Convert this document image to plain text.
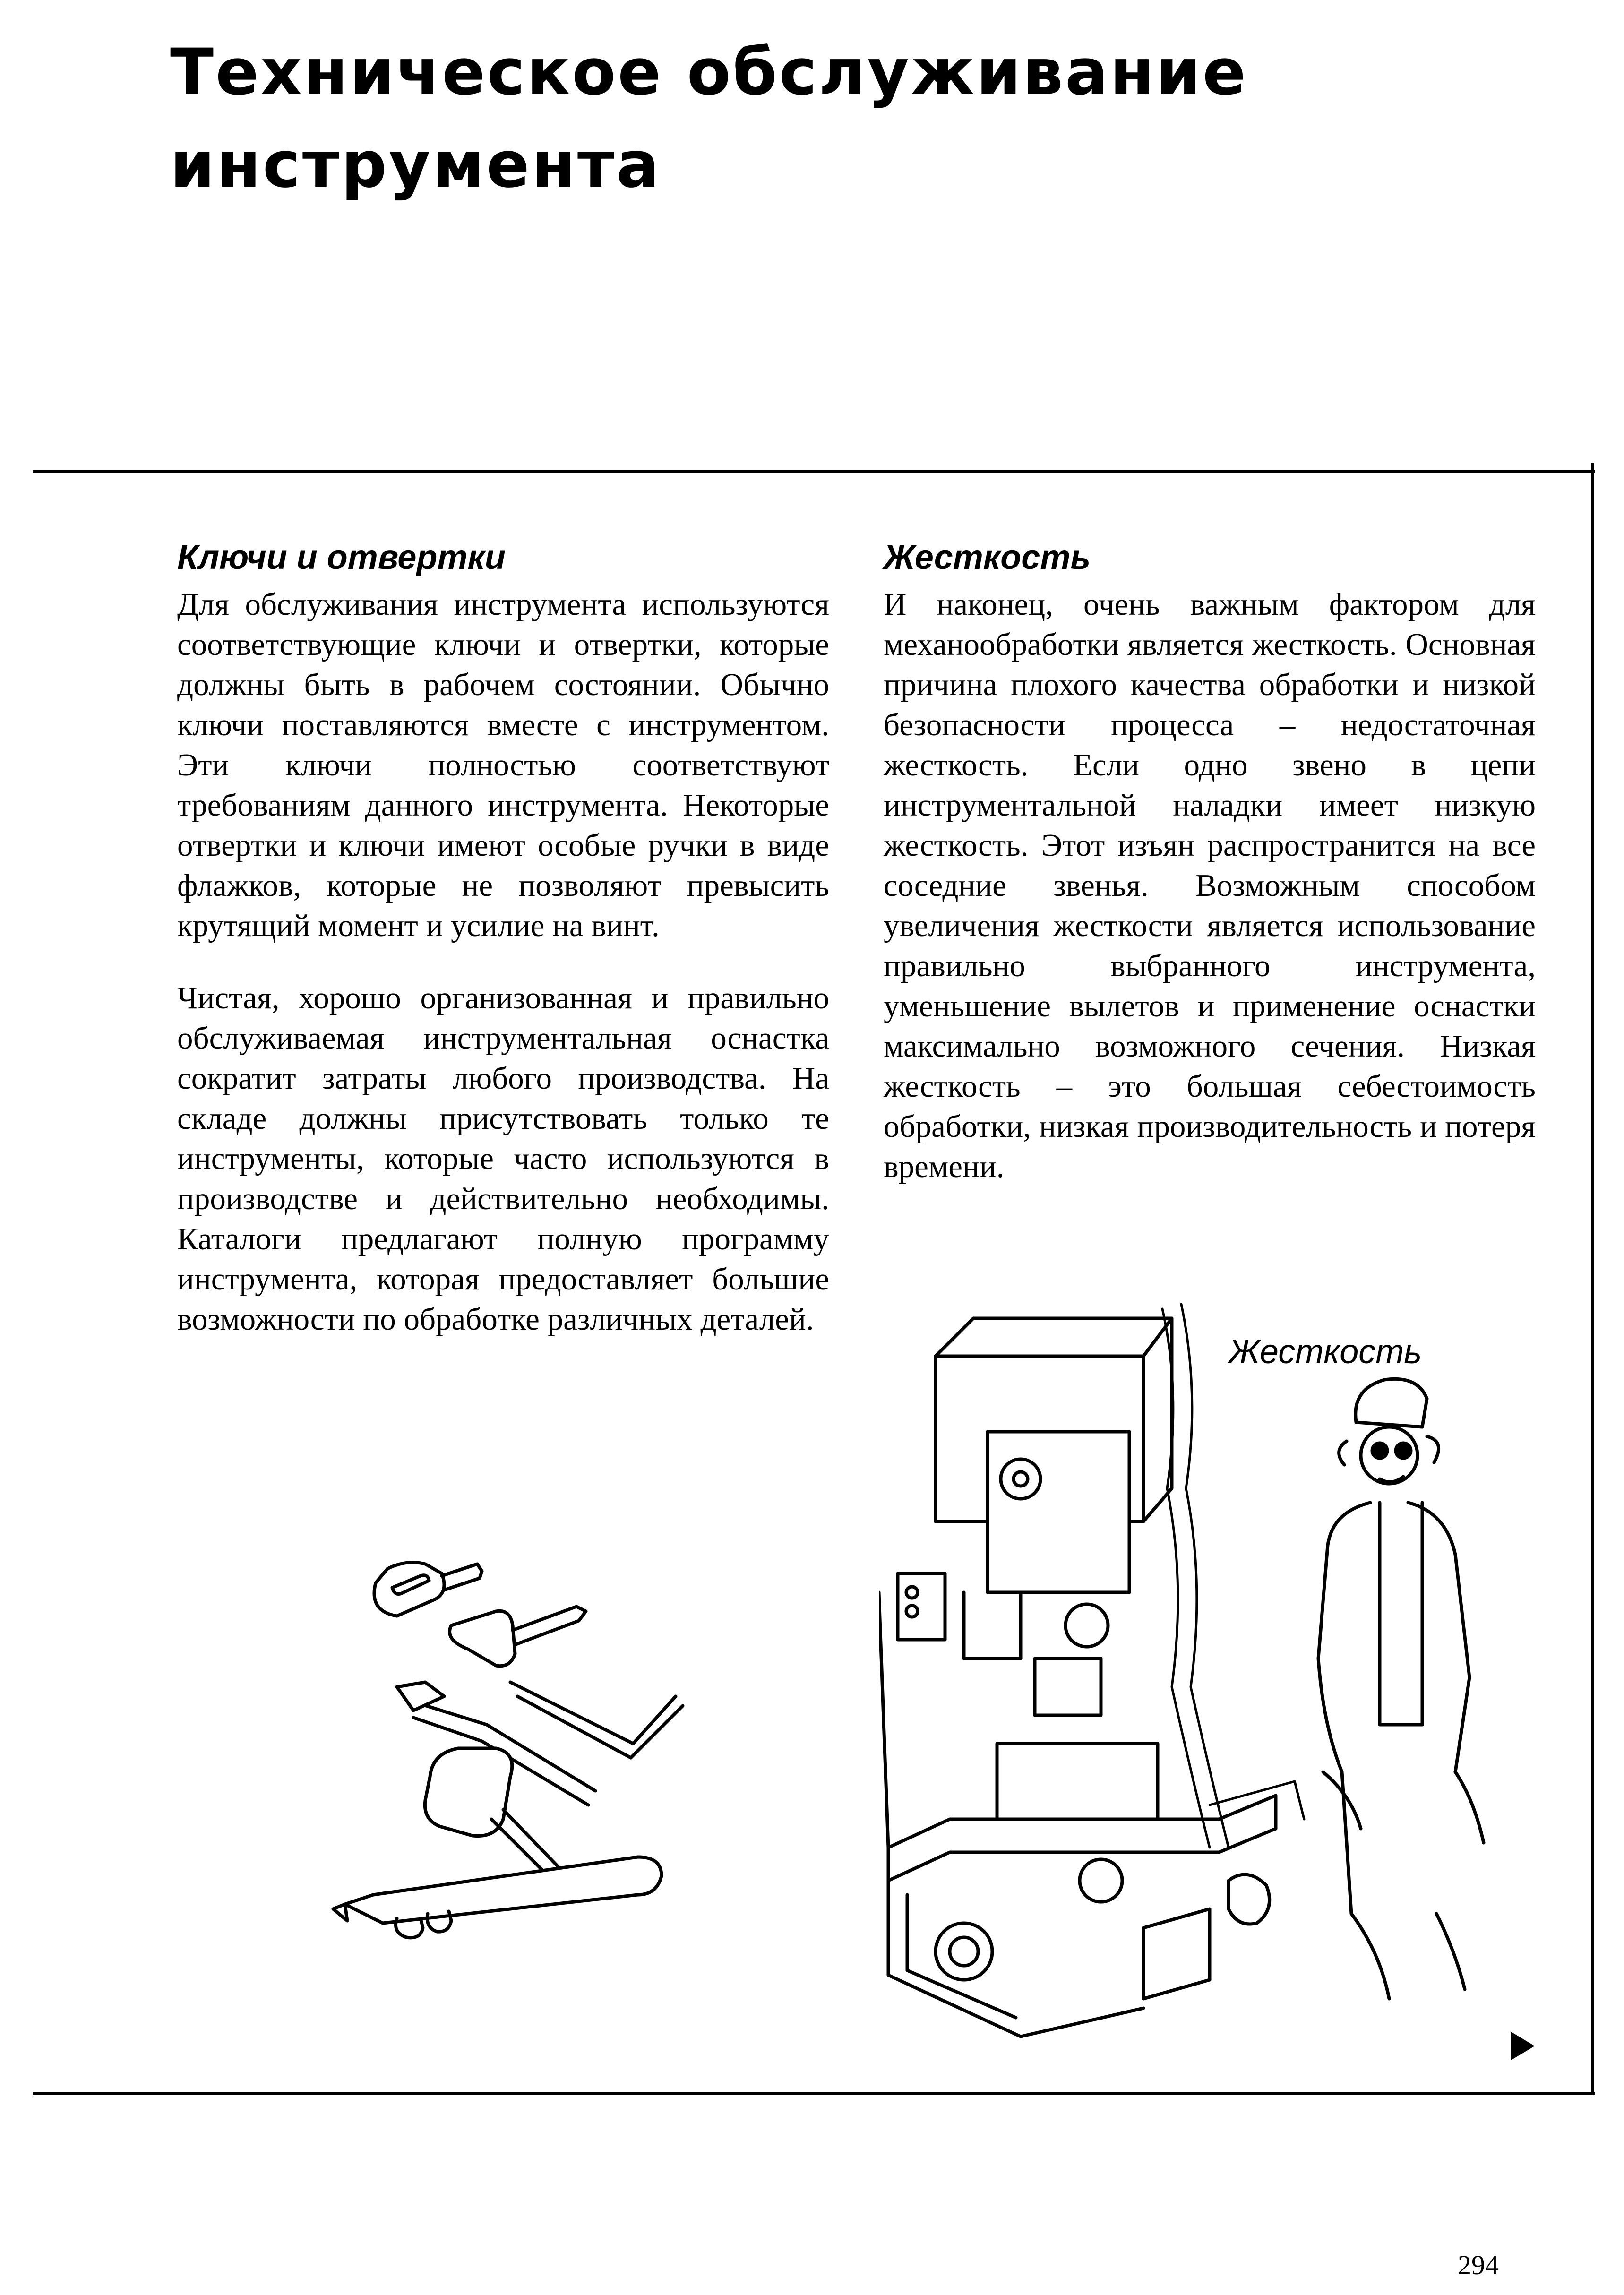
Техническое обслуживание
инструмента
Ключи и отвертки

Для обслуживания инструмента используются соответствующие ключи и отвертки, которые должны быть в рабочем состоянии. Обычно ключи поставляются вместе с инструментом. Эти ключи полностью соответствуют требованиям данного инструмента. Некоторые отвертки и ключи имеют особые ручки в виде флажков, которые не позволяют превысить крутящий момент и усилие на винт.

Чистая, хорошо организованная и правильно обслуживаемая инструментальная оснастка сократит затраты любого производства. На складе должны присутствовать только те инструменты, которые часто используются в производстве и действительно необходимы. Каталоги предлагают полную программу инструмента, которая предоставляет большие возможности по обработке различных деталей.

Жесткость

И наконец, очень важным фактором для механообработки является жесткость. Основная причина плохого качества обработки и низкой безопасности процесса – недостаточная жесткость. Если одно звено в цепи инструментальной наладки имеет низкую жесткость. Этот изъян распространится на все соседние звенья. Возможным способом увеличения жесткости является использование правильно выбранного инструмента, уменьшение вылетов и применение оснастки максимально возможного сечения. Низкая жесткость – это большая себестоимость обработки, низкая производительность и потеря времени.

Жесткость
294
